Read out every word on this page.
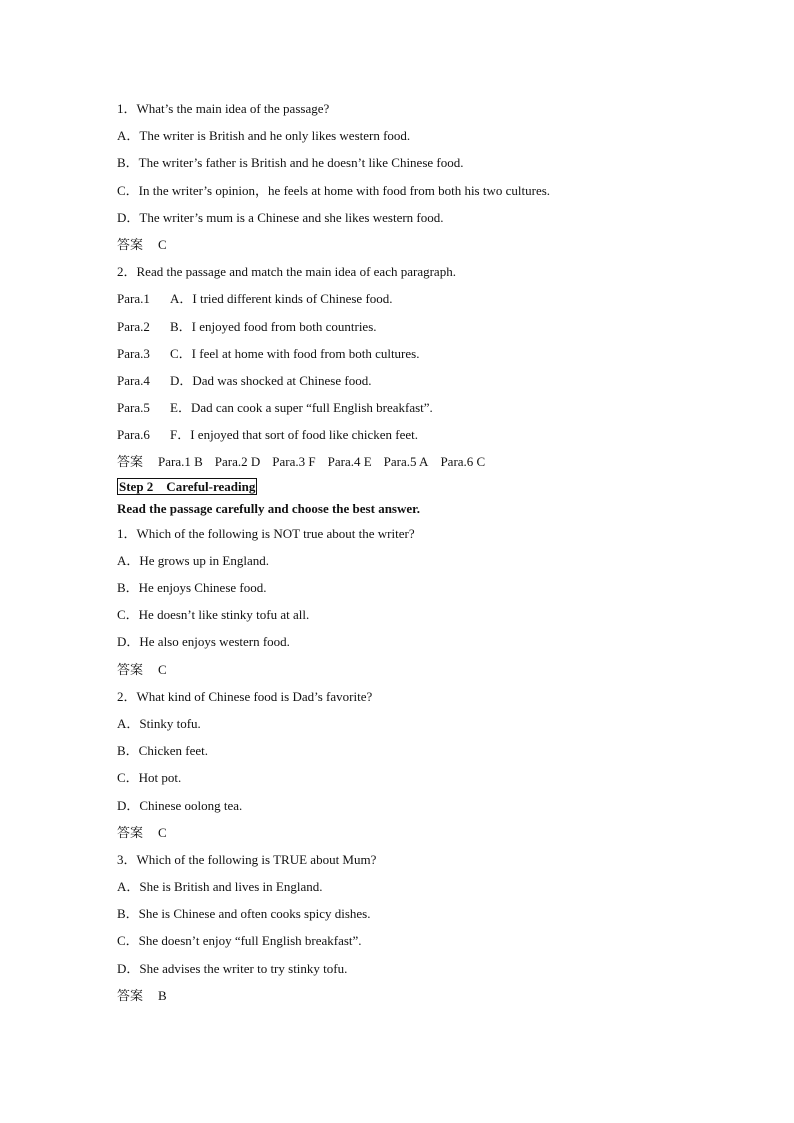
1．What’s the main idea of the passage?
A．The writer is British and he only likes western food.
B．The writer’s father is British and he doesn’t like Chinese food.
C．In the writer’s opinion，he feels at home with food from both his two cultures.
D．The writer’s mum is a Chinese and she likes western food.
答案 C
2．Read the passage and match the main idea of each paragraph.
Para.1 A．I tried different kinds of Chinese food.
Para.2 B．I enjoyed food from both countries.
Para.3 C．I feel at home with food from both cultures.
Para.4 D．Dad was shocked at Chinese food.
Para.5 E．Dad can cook a super “full English breakfast”.
Para.6 F．I enjoyed that sort of food like chicken feet.
答案 Para.1 B Para.2 D Para.3 F Para.4 E Para.5 A Para.6 C
Step 2　Careful-reading
Read the passage carefully and choose the best answer.
1．Which of the following is NOT true about the writer?
A．He grows up in England.
B．He enjoys Chinese food.
C．He doesn’t like stinky tofu at all.
D．He also enjoys western food.
答案 C
2．What kind of Chinese food is Dad’s favorite?
A．Stinky tofu.
B．Chicken feet.
C．Hot pot.
D．Chinese oolong tea.
答案 C
3．Which of the following is TRUE about Mum?
A．She is British and lives in England.
B．She is Chinese and often cooks spicy dishes.
C．She doesn’t enjoy “full English breakfast”.
D．She advises the writer to try stinky tofu.
答案 B
